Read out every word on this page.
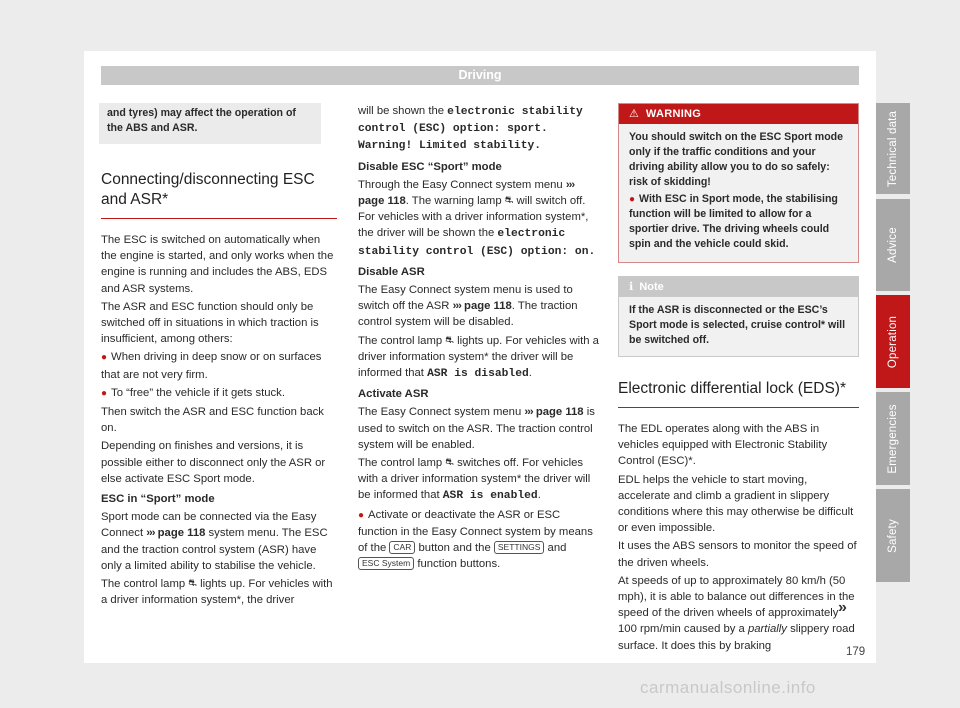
Driving
and tyres) may affect the operation of the ABS and ASR.
Connecting/disconnecting ESC and ASR*

The ESC is switched on automatically when the engine is started, and only works when the engine is running and includes the ABS, EDS and ASR systems.

The ASR and ESC function should only be switched off in situations in which traction is insufficient, among others:

● When driving in deep snow or on surfaces that are not very firm.

● To “free” the vehicle if it gets stuck.

Then switch the ASR and ESC function back on.

Depending on finishes and versions, it is possible either to disconnect only the ASR or else activate ESC Sport mode.

ESC in “Sport” mode

Sport mode can be connected via the Easy Connect ››› page 118 system menu. The ESC and the traction control system (ASR) have only a limited ability to stabilise the vehicle.

The control lamp ⛐ lights up. For vehicles with a driver information system*, the driver

will be shown the electronic stability control (ESC) option: sport. Warning! Limited stability.

Disable ESC “Sport” mode

Through the Easy Connect system menu ››› page 118. The warning lamp ⛐ will switch off. For vehicles with a driver information system*, the driver will be shown the electronic stability control (ESC) option: on.

Disable ASR

The Easy Connect system menu is used to switch off the ASR ››› page 118. The traction control system will be disabled.

The control lamp ⛐ lights up. For vehicles with a driver information system* the driver will be informed that ASR is disabled.

Activate ASR

The Easy Connect system menu ››› page 118 is used to switch on the ASR. The traction control system will be enabled.

The control lamp ⛐ switches off. For vehicles with a driver information system* the driver will be informed that ASR is enabled.

● Activate or deactivate the ASR or ESC function in the Easy Connect system by means of the CAR button and the SETTINGS and ESC System function buttons.

⚠ WARNING

You should switch on the ESC Sport mode only if the traffic conditions and your driving ability allow you to do so safely: risk of skidding!

● With ESC in Sport mode, the stabilising function will be limited to allow for a sportier drive. The driving wheels could spin and the vehicle could skid.

ℹ Note
If the ASR is disconnected or the ESC’s Sport mode is selected, cruise control* will be switched off.
Electronic differential lock (EDS)*

The EDL operates along with the ABS in vehicles equipped with Electronic Stability Control (ESC)*.

EDL helps the vehicle to start moving, accelerate and climb a gradient in slippery conditions where this may otherwise be difficult or even impossible.

It uses the ABS sensors to monitor the speed of the driven wheels.

At speeds of up to approximately 80 km/h (50 mph), it is able to balance out differences in the speed of the driven wheels of approximately 100 rpm/min caused by a partially slippery road surface. It does this by braking

»
Technical data
Advice
Operation
Emergencies
Safety
179
carmanualsonline.info
